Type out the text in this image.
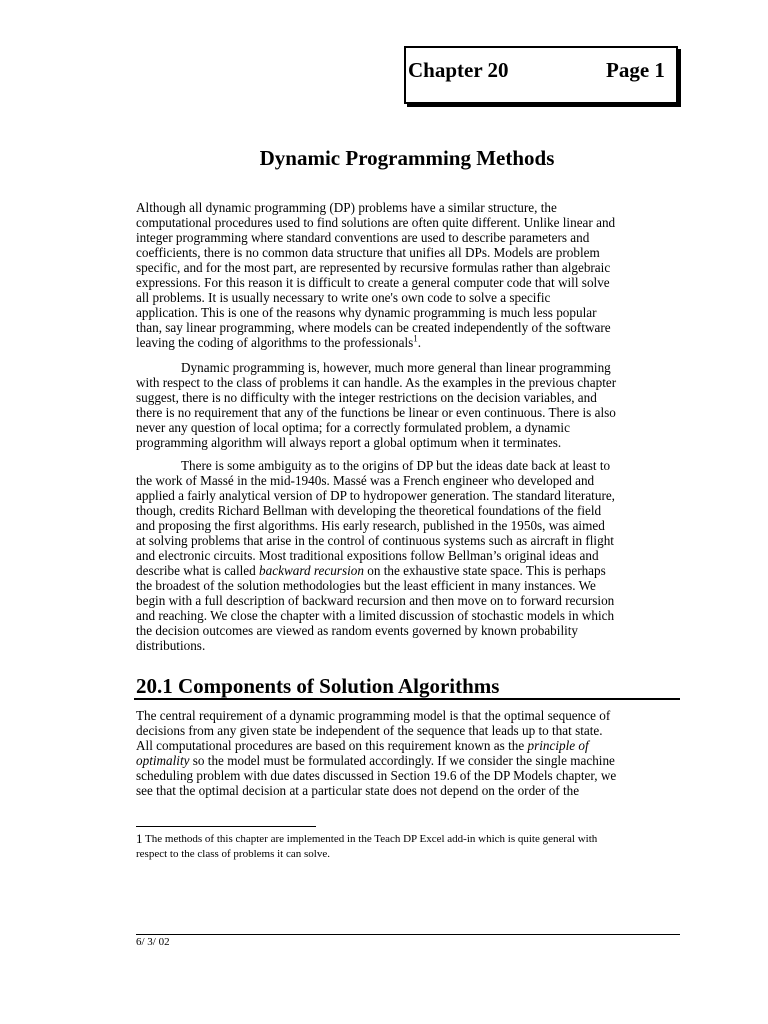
Chapter 20	Page 1
Dynamic Programming Methods
Although all dynamic programming (DP) problems have a similar structure, the
computational procedures used to find solutions are often quite different. Unlike linear and
integer programming where standard conventions are used to describe parameters and
coefficients, there is no common data structure that unifies all DPs. Models are problem
specific, and for the most part, are represented by recursive formulas rather than algebraic
expressions. For this reason it is difficult to create a general computer code that will solve
all problems. It is usually necessary to write one's own code to solve a specific
application. This is one of the reasons why dynamic programming is much less popular
than, say linear programming, where models can be created independently of the software
leaving the coding of algorithms to the professionals$^1$.
Dynamic programming is, however, much more general than linear programming
with respect to the class of problems it can handle. As the examples in the previous chapter
suggest, there is no difficulty with the integer restrictions on the decision variables, and
there is no requirement that any of the functions be linear or even continuous. There is also
never any question of local optima; for a correctly formulated problem, a dynamic
programming algorithm will always report a global optimum when it terminates.
There is some ambiguity as to the origins of DP but the ideas date back at least to
the work of Massé in the mid-1940s. Massé was a French engineer who developed and
applied a fairly analytical version of DP to hydropower generation. The standard literature,
though, credits Richard Bellman with developing the theoretical foundations of the field
and proposing the first algorithms. His early research, published in the 1950s, was aimed
at solving problems that arise in the control of continuous systems such as aircraft in flight
and electronic circuits. Most traditional expositions follow Bellman’s original ideas and
describe what is called backward recursion on the exhaustive state space. This is perhaps
the broadest of the solution methodologies but the least efficient in many instances. We
begin with a full description of backward recursion and then move on to forward recursion
and reaching. We close the chapter with a limited discussion of stochastic models in which
the decision outcomes are viewed as random events governed by known probability
distributions.
20.1 Components of Solution Algorithms
The central requirement of a dynamic programming model is that the optimal sequence of
decisions from any given state be independent of the sequence that leads up to that state.
All computational procedures are based on this requirement known as the principle of
optimality so the model must be formulated accordingly. If we consider the single machine
scheduling problem with due dates discussed in Section 19.6 of the DP Models chapter, we
see that the optimal decision at a particular state does not depend on the order of the
1 The methods of this chapter are implemented in the Teach DP Excel add-in which is quite general with
respect to the class of problems it can solve.
6/ 3/ 02
